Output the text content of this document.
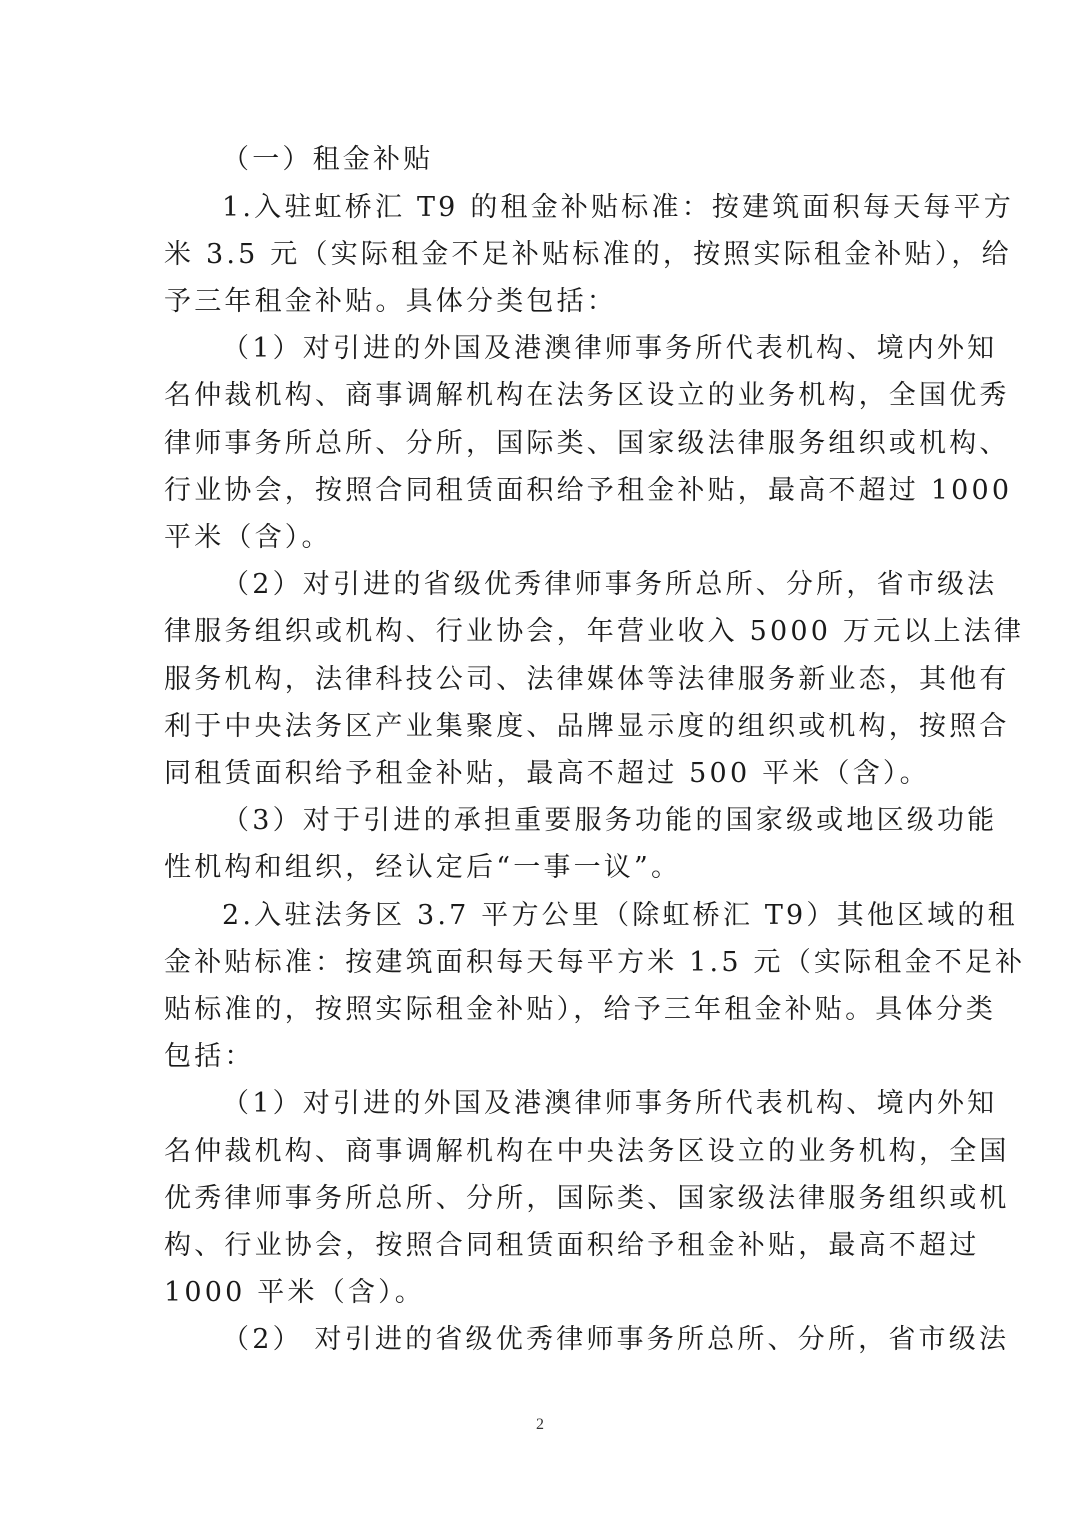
（一）租金补贴
1.入驻虹桥汇 T9 的租金补贴标准：按建筑面积每天每平方
米 3.5 元（实际租金不足补贴标准的，按照实际租金补贴），给
予三年租金补贴。具体分类包括：
（1）对引进的外国及港澳律师事务所代表机构、境内外知
名仲裁机构、商事调解机构在法务区设立的业务机构，全国优秀
律师事务所总所、分所，国际类、国家级法律服务组织或机构、
行业协会，按照合同租赁面积给予租金补贴，最高不超过 1000
平米（含）。
（2）对引进的省级优秀律师事务所总所、分所，省市级法
律服务组织或机构、行业协会，年营业收入 5000 万元以上法律
服务机构，法律科技公司、法律媒体等法律服务新业态，其他有
利于中央法务区产业集聚度、品牌显示度的组织或机构，按照合
同租赁面积给予租金补贴，最高不超过 500 平米（含）。
（3）对于引进的承担重要服务功能的国家级或地区级功能
性机构和组织，经认定后“一事一议”。
2.入驻法务区 3.7 平方公里（除虹桥汇 T9）其他区域的租
金补贴标准：按建筑面积每天每平方米 1.5 元（实际租金不足补
贴标准的，按照实际租金补贴），给予三年租金补贴。具体分类
包括：
（1）对引进的外国及港澳律师事务所代表机构、境内外知
名仲裁机构、商事调解机构在中央法务区设立的业务机构，全国
优秀律师事务所总所、分所，国际类、国家级法律服务组织或机
构、行业协会，按照合同租赁面积给予租金补贴，最高不超过
1000 平米（含）。
（2） 对引进的省级优秀律师事务所总所、分所，省市级法
2
